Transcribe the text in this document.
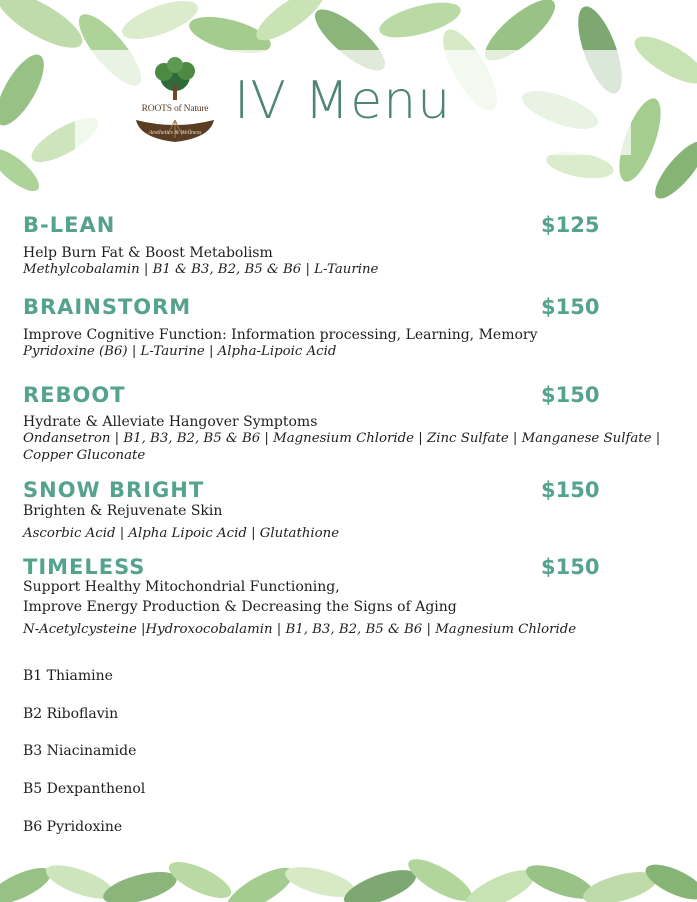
ROOTS of Nature
Aesthetics & Wellness
IV Menu
B-LEAN	$125
Help Burn Fat & Boost Metabolism
Methylcobalamin | B1 & B3, B2, B5 & B6 | L-Taurine
BRAINSTORM	$150
Improve Cognitive Function: Information processing, Learning, Memory
Pyridoxine (B6) | L-Taurine | Alpha-Lipoic Acid
REBOOT	$150
Hydrate & Alleviate Hangover Symptoms
Ondansetron | B1, B3, B2, B5 & B6 | Magnesium Chloride | Zinc Sulfate | Manganese Sulfate | Copper Gluconate
SNOW BRIGHT	$150
Brighten & Rejuvenate Skin
Ascorbic Acid | Alpha Lipoic Acid | Glutathione
TIMELESS	$150
Support Healthy Mitochondrial Functioning,
Improve Energy Production & Decreasing the Signs of Aging
N-Acetylcysteine |Hydroxocobalamin | B1, B3, B2, B5 & B6 | Magnesium Chloride
B1 Thiamine
B2 Riboflavin
B3 Niacinamide
B5 Dexpanthenol
B6 Pyridoxine
